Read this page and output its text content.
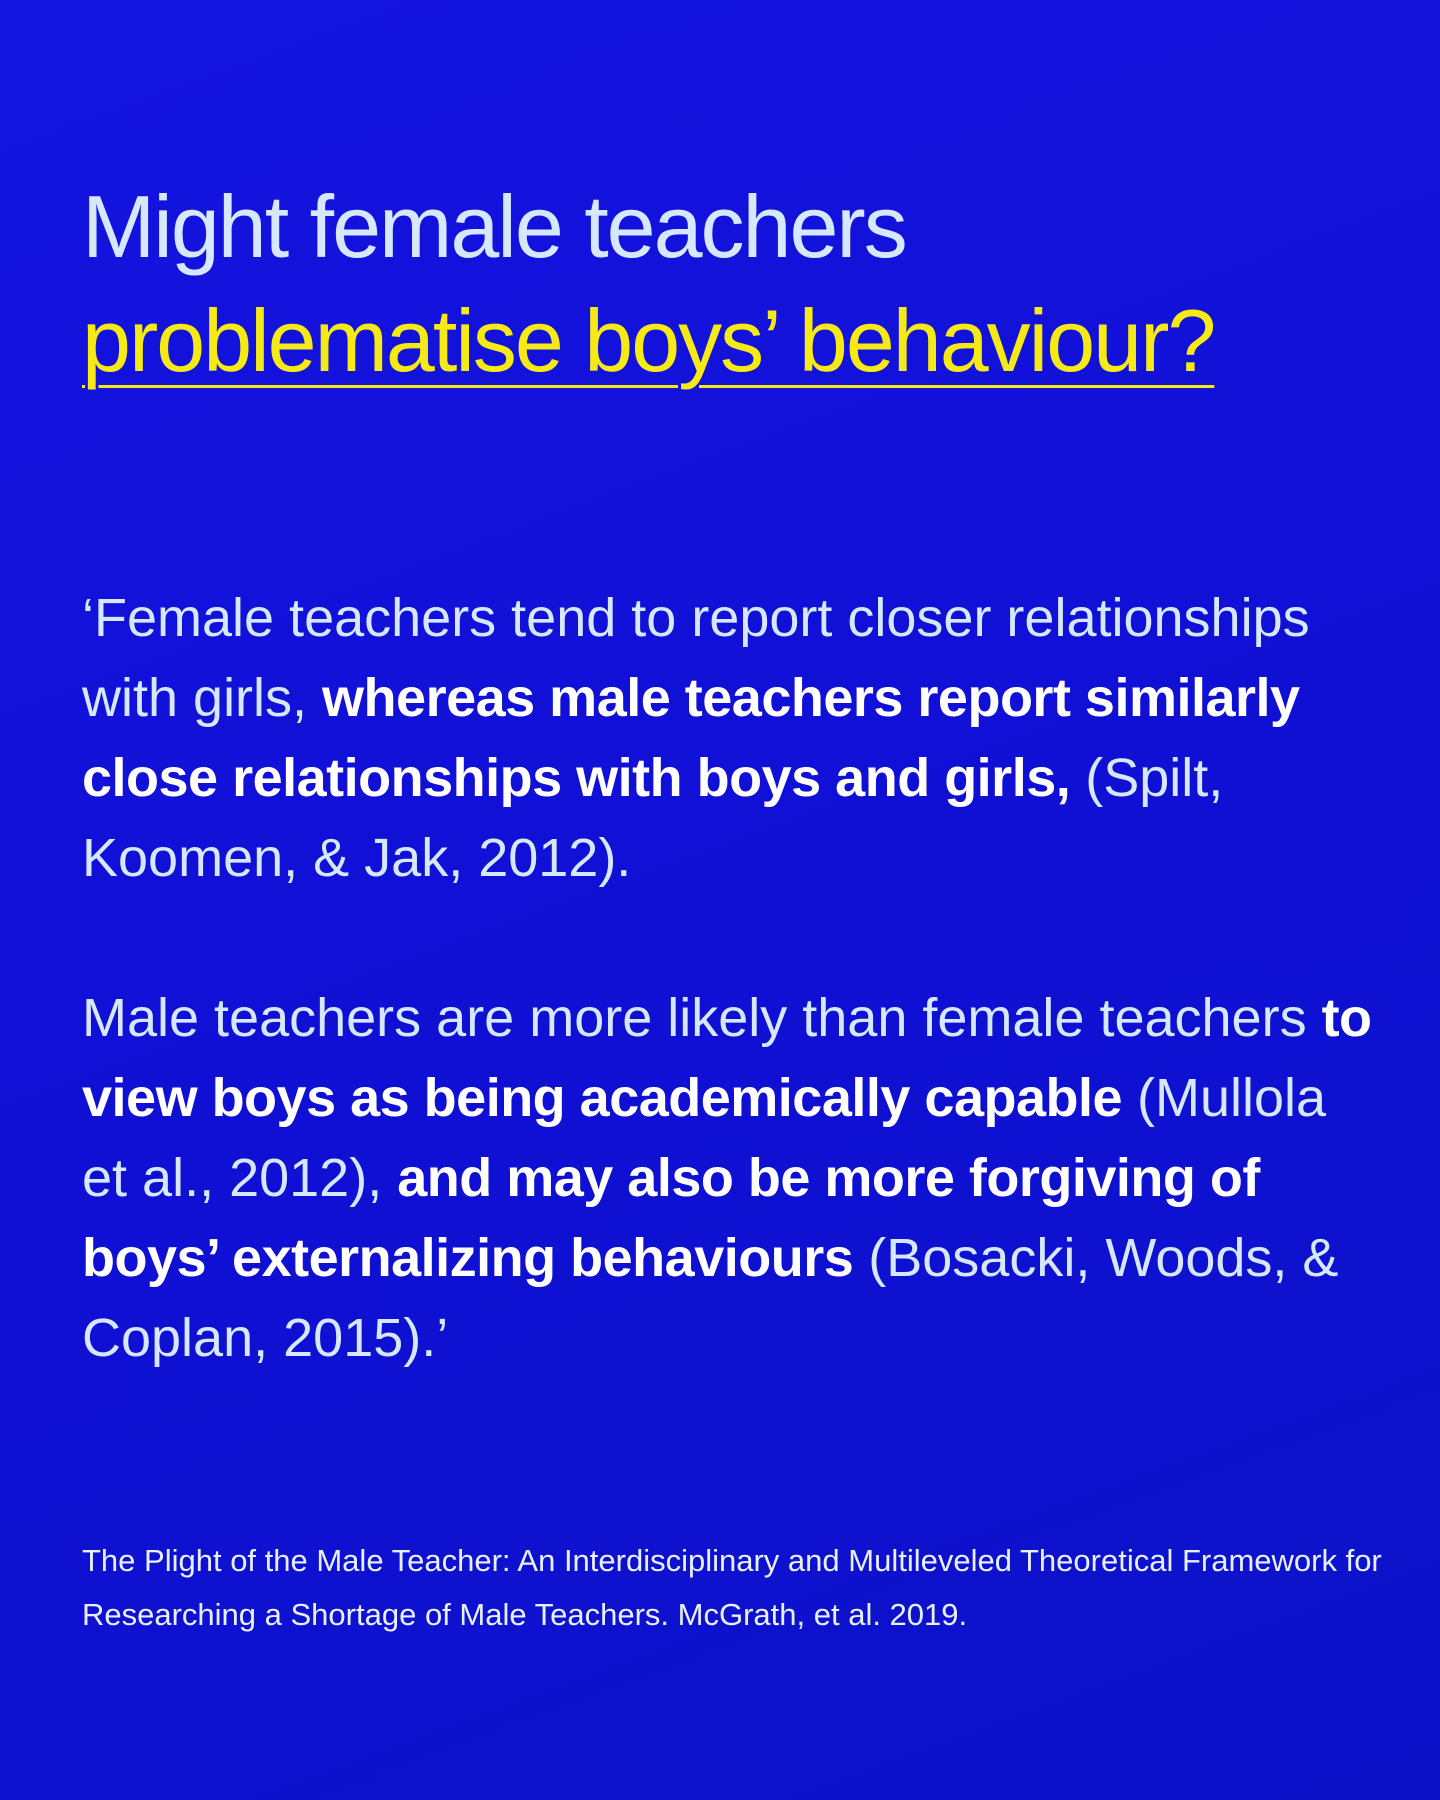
Might female teachers
problematise boys’ behaviour?

‘Female teachers tend to report closer relationships with girls, whereas male teachers report similarly close relationships with boys and girls, (Spilt, Koomen, & Jak, 2012).

Male teachers are more likely than female teachers to view boys as being academically capable (Mullola et al., 2012), and may also be more forgiving of boys’ externalizing behaviours (Bosacki, Woods, & Coplan, 2015).’

The Plight of the Male Teacher: An Interdisciplinary and Multileveled Theoretical Framework for Researching a Shortage of Male Teachers. McGrath, et al. 2019.
